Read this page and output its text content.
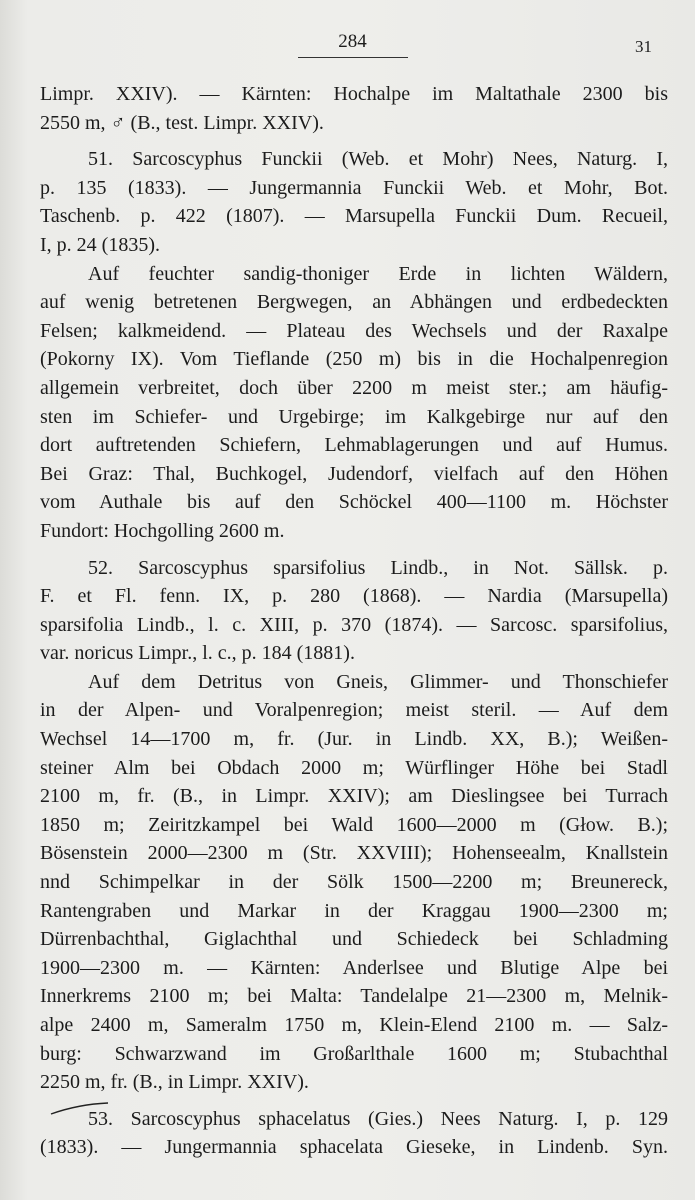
284	31
Limpr. XXIV). — Kärnten: Hochalpe im Maltathale 2300 bis
2550 m, ♂ (B., test. Limpr. XXIV).
51. Sarcoscyphus Funckii (Web. et Mohr) Nees, Naturg. I,
p. 135 (1833). — Jungermannia Funckii Web. et Mohr, Bot.
Taschenb. p. 422 (1807). — Marsupella Funckii Dum. Recueil,
I, p. 24 (1835).
Auf feuchter sandig-thoniger Erde in lichten Wäldern,
auf wenig betretenen Bergwegen, an Abhängen und erdbedeckten
Felsen; kalkmeidend. — Plateau des Wechsels und der Raxalpe
(Pokorny IX). Vom Tieflande (250 m) bis in die Hochalpenregion
allgemein verbreitet, doch über 2200 m meist ster.; am häufig-
sten im Schiefer- und Urgebirge; im Kalkgebirge nur auf den
dort auftretenden Schiefern, Lehmablagerungen und auf Humus.
Bei Graz: Thal, Buchkogel, Judendorf, vielfach auf den Höhen
vom Authale bis auf den Schöckel 400—1100 m. Höchster
Fundort: Hochgolling 2600 m.
52. Sarcoscyphus sparsifolius Lindb., in Not. Sällsk. p.
F. et Fl. fenn. IX, p. 280 (1868). — Nardia (Marsupella)
sparsifolia Lindb., l. c. XIII, p. 370 (1874). — Sarcosc. sparsifolius,
var. noricus Limpr., l. c., p. 184 (1881).
Auf dem Detritus von Gneis, Glimmer- und Thonschiefer
in der Alpen- und Voralpenregion; meist steril. — Auf dem
Wechsel 14—1700 m, fr. (Jur. in Lindb. XX, B.); Weißen-
steiner Alm bei Obdach 2000 m; Würflinger Höhe bei Stadl
2100 m, fr. (B., in Limpr. XXIV); am Dieslingsee bei Turrach
1850 m; Zeiritzkampel bei Wald 1600—2000 m (Głow. B.);
Bösenstein 2000—2300 m (Str. XXVIII); Hohenseealm, Knallstein
nnd Schimpelkar in der Sölk 1500—2200 m; Breunereck,
Rantengraben und Markar in der Kraggau 1900—2300 m;
Dürrenbachthal, Giglachthal und Schiedeck bei Schladming
1900—2300 m. — Kärnten: Anderlsee und Blutige Alpe bei
Innerkrems 2100 m; bei Malta: Tandelalpe 21—2300 m, Melnik-
alpe 2400 m, Sameralm 1750 m, Klein-Elend 2100 m. — Salz-
burg: Schwarzwand im Großarlthale 1600 m; Stubachthal
2250 m, fr. (B., in Limpr. XXIV).
53. Sarcoscyphus sphacelatus (Gies.) Nees Naturg. I, p. 129
(1833). — Jungermannia sphacelata Gieseke, in Lindenb. Syn.
